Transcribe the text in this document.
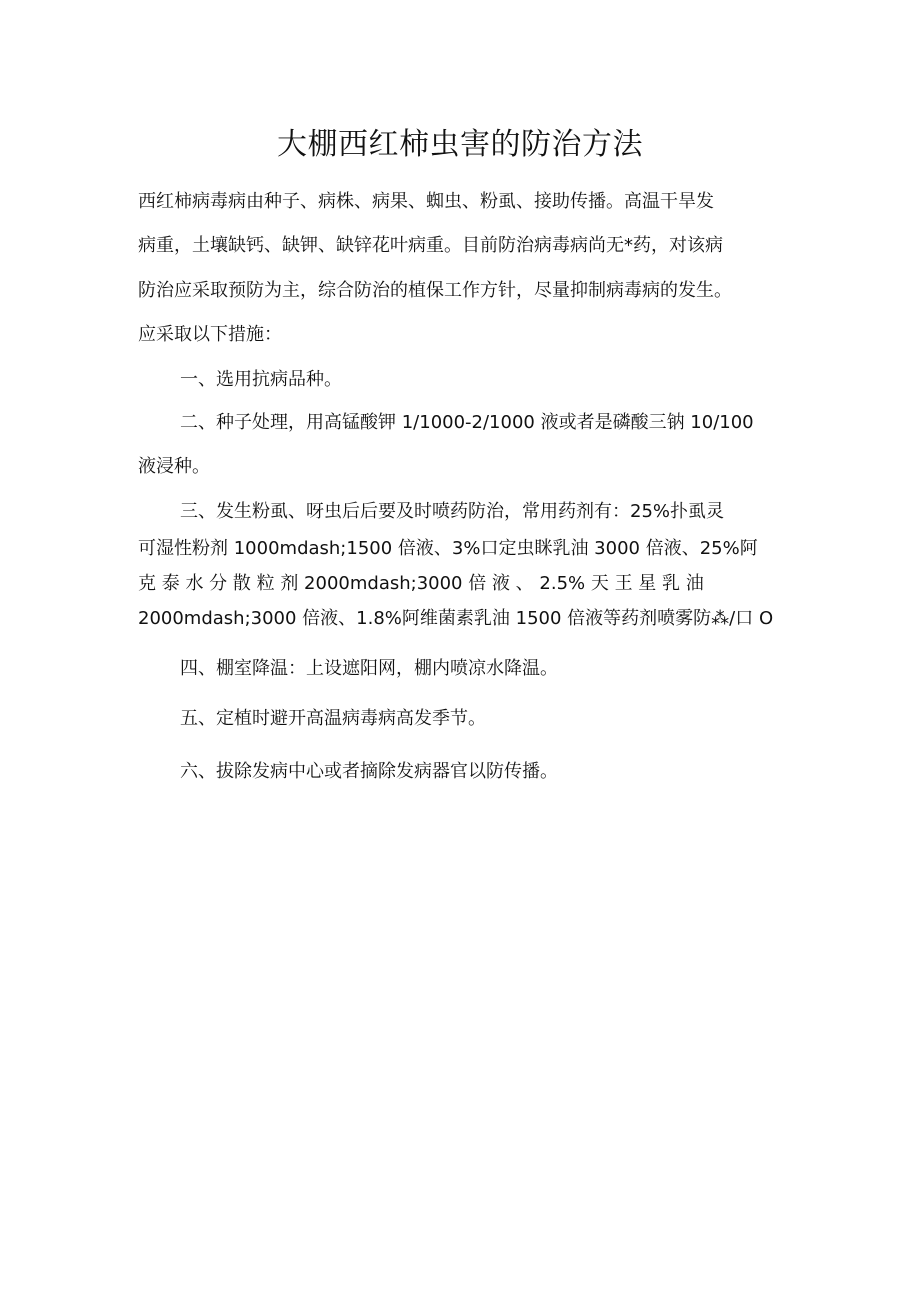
大棚西红柿虫害的防治方法
西红柿病毒病由种子、病株、病果、蜘虫、粉虱、接助传播。高温干旱发
病重，土壤缺钙、缺钾、缺锌花叶病重。目前防治病毒病尚无*药，对该病
防治应采取预防为主，综合防治的植保工作方针，尽量抑制病毒病的发生。
应采取以下措施：
一、选用抗病品种。
二、种子处理，用高锰酸钾 1/1000-2/1000 液或者是磷酸三钠 10/100
液浸种。
三、发生粉虱、呀虫后后要及时喷药防治，常用药剂有：25%扑虱灵
可湿性粉剂 1000mdash;1500 倍液、3%口定虫眯乳油 3000 倍液、25%阿
克 泰 水 分 散 粒 剂 2000mdash;3000 倍 液 、 2.5% 天 王 星 乳 油
2000mdash;3000 倍液、1.8%阿维菌素乳油 1500 倍液等药剂喷雾防⁂/口 O
四、棚室降温：上设遮阳网，棚内喷凉水降温。
五、定植时避开高温病毒病高发季节。
六、拔除发病中心或者摘除发病器官以防传播。
